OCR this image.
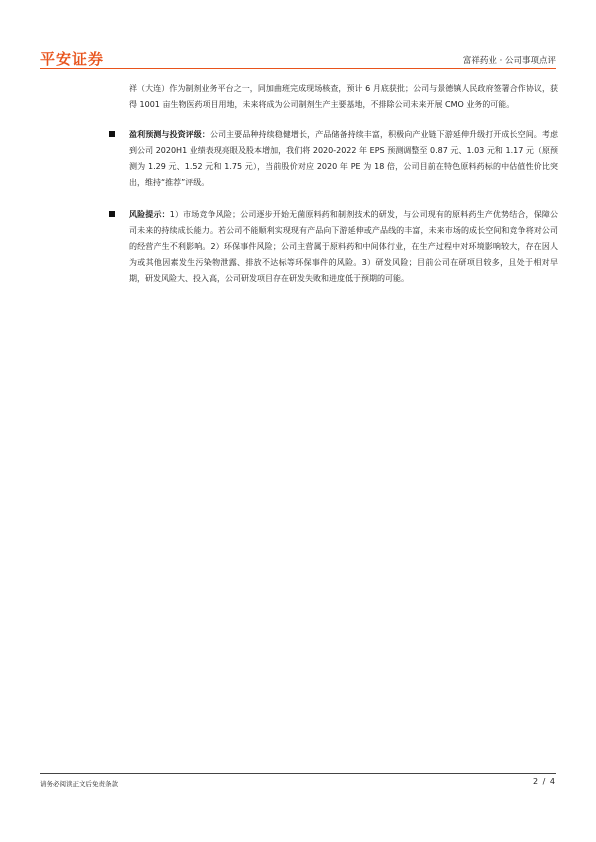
平安证券	富祥药业 · 公司事项点评

祥（大连）作为制剂业务平台之一，同加曲班完成现场核查，预计 6 月底获批；公司与景德镇人民政府签署合作协议，获得 1001 亩生物医药项目用地，未来将成为公司制剂生产主要基地，不排除公司未来开展 CMO 业务的可能。

盈利预测与投资评级：公司主要品种持续稳健增长，产品储备持续丰富，积极向产业链下游延伸升级打开成长空间。考虑到公司 2020H1 业绩表现亮眼及股本增加，我们将 2020-2022 年 EPS 预测调整至 0.87 元、1.03 元和 1.17 元（原预测为 1.29 元、1.52 元和 1.75 元），当前股价对应 2020 年 PE 为 18 倍，公司目前在特色原料药标的中估值性价比突出，维持“推荐”评级。

风险提示：1）市场竞争风险；公司逐步开始无菌原料药和制剂技术的研发，与公司现有的原料药生产优势结合，保障公司未来的持续成长能力。若公司不能顺利实现现有产品向下游延伸或产品线的丰富，未来市场的成长空间和竞争将对公司的经营产生不利影响。2）环保事件风险；公司主营属于原料药和中间体行业，在生产过程中对环境影响较大，存在因人为或其他因素发生污染物泄露、排放不达标等环保事件的风险。3）研发风险；目前公司在研项目较多，且处于相对早期，研发风险大、投入高，公司研发项目存在研发失败和进度低于预期的可能。

请务必阅读正文后免责条款	2 / 4
